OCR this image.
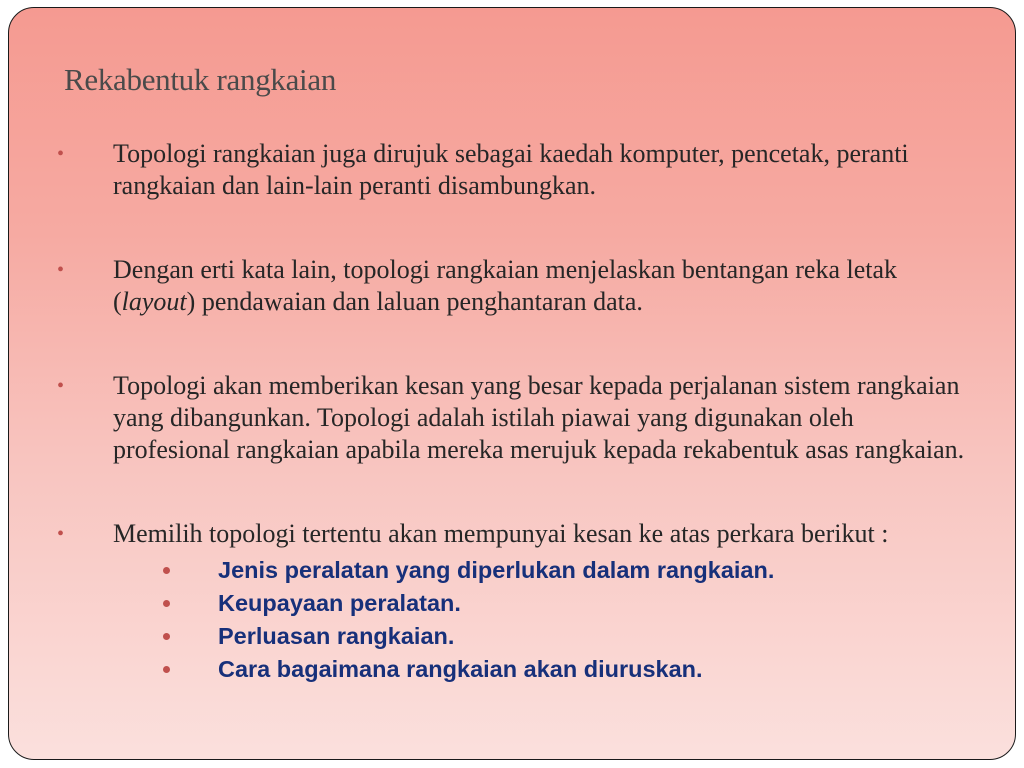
Rekabentuk rangkaian
• Topologi rangkaian juga dirujuk sebagai kaedah komputer, pencetak, peranti rangkaian dan lain-lain peranti disambungkan.
• Dengan erti kata lain, topologi rangkaian menjelaskan bentangan reka letak (layout) pendawaian dan laluan penghantaran data.
• Topologi akan memberikan kesan yang besar kepada perjalanan sistem rangkaian yang dibangunkan. Topologi adalah istilah piawai yang digunakan oleh profesional rangkaian apabila mereka merujuk kepada rekabentuk asas rangkaian.
• Memilih topologi tertentu akan mempunyai kesan ke atas perkara berikut :
Jenis peralatan yang diperlukan dalam rangkaian.
Keupayaan peralatan.
Perluasan rangkaian.
Cara bagaimana rangkaian akan diuruskan.
